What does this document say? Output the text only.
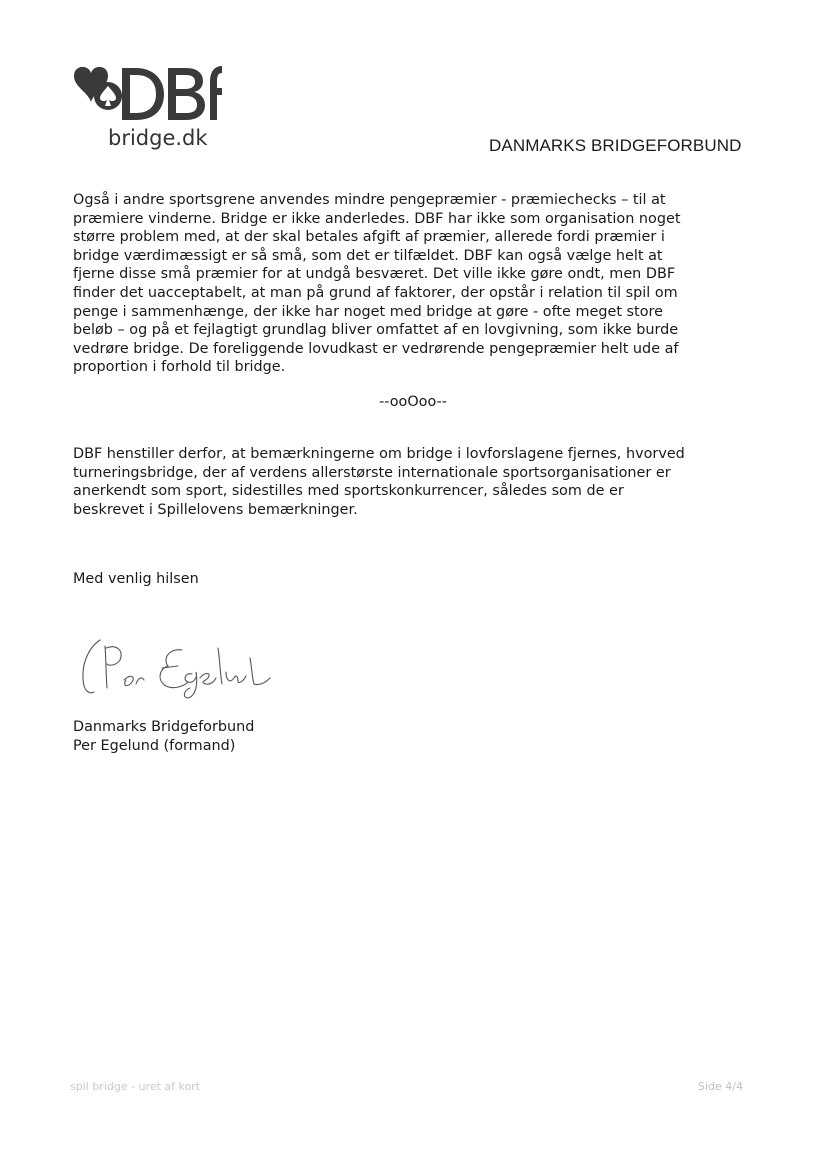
bridge.dk	DANMARKS BRIDGEFORBUND

Også i andre sportsgrene anvendes mindre pengepræmier - præmiechecks – til at
præmiere vinderne. Bridge er ikke anderledes. DBF har ikke som organisation noget
større problem med, at der skal betales afgift af præmier, allerede fordi præmier i
bridge værdimæssigt er så små, som det er tilfældet. DBF kan også vælge helt at
fjerne disse små præmier for at undgå besværet. Det ville ikke gøre ondt, men DBF
finder det uacceptabelt, at man på grund af faktorer, der opstår i relation til spil om
penge i sammenhænge, der ikke har noget med bridge at gøre - ofte meget store
beløb – og på et fejlagtigt grundlag bliver omfattet af en lovgivning, som ikke burde
vedrøre bridge. De foreliggende lovudkast er vedrørende pengepræmier helt ude af
proportion i forhold til bridge.

--ooOoo--

DBF henstiller derfor, at bemærkningerne om bridge i lovforslagene fjernes, hvorved
turneringsbridge, der af verdens allerstørste internationale sportsorganisationer er
anerkendt som sport, sidestilles med sportskonkurrencer, således som de er
beskrevet i Spillelovens bemærkninger.

Med venlig hilsen
Danmarks Bridgeforbund
Per Egelund (formand)
spil bridge - uret af kort	Side 4/4
